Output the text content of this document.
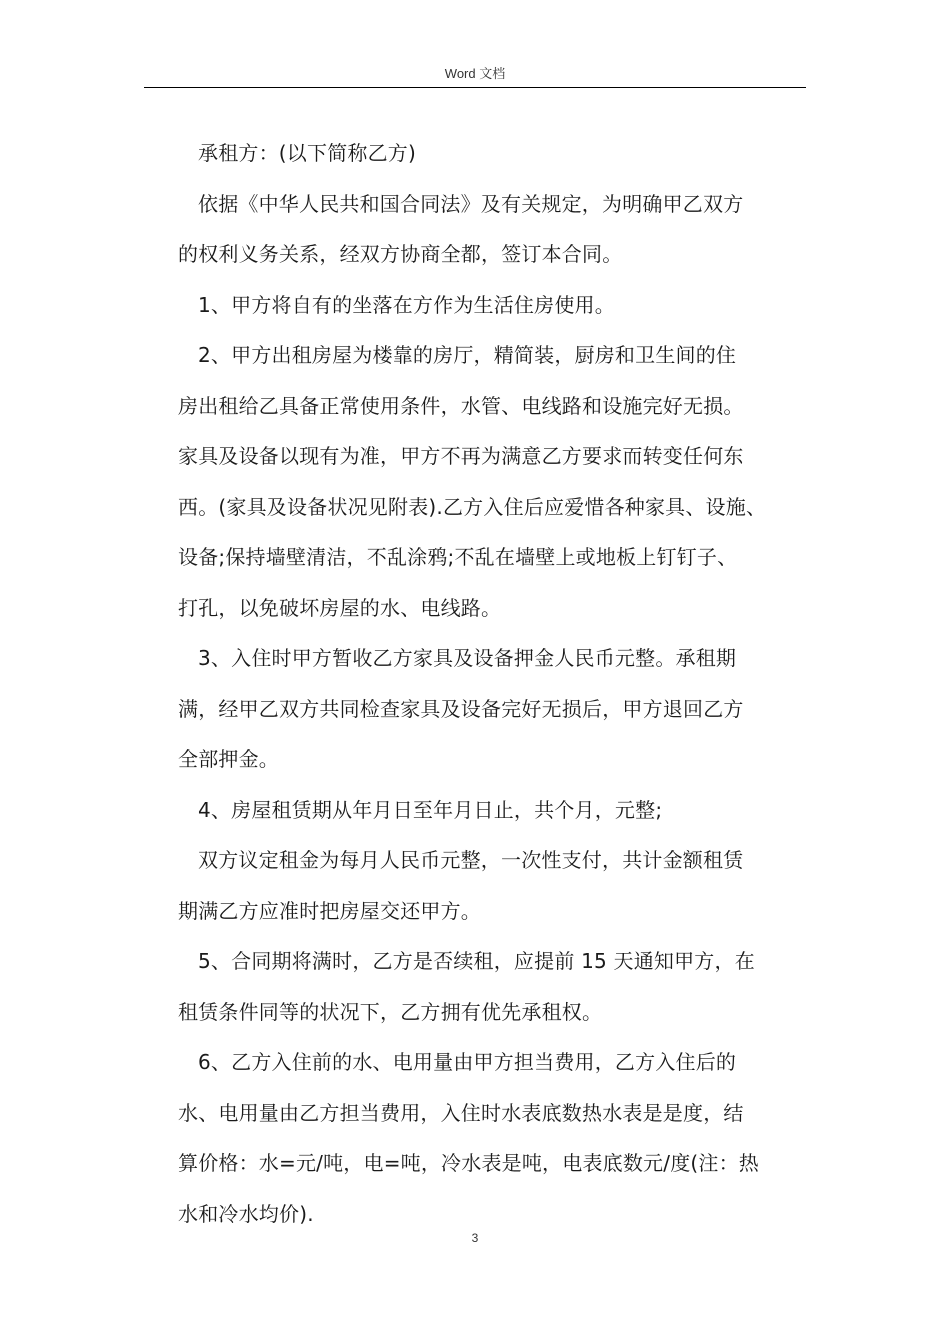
Word 文档

承租方：(以下简称乙方)

依据《中华人民共和国合同法》及有关规定，为明确甲乙双方
的权利义务关系，经双方协商全都，签订本合同。

1、甲方将自有的坐落在方作为生活住房使用。

2、甲方出租房屋为楼靠的房厅，精简装，厨房和卫生间的住
房出租给乙具备正常使用条件，水管、电线路和设施完好无损。
家具及设备以现有为准，甲方不再为满意乙方要求而转变任何东
西。(家具及设备状况见附表).乙方入住后应爱惜各种家具、设施、
设备;保持墙壁清洁，不乱涂鸦;不乱在墙壁上或地板上钉钉子、
打孔，以免破坏房屋的水、电线路。

3、入住时甲方暂收乙方家具及设备押金人民币元整。承租期
满，经甲乙双方共同检查家具及设备完好无损后，甲方退回乙方
全部押金。

4、房屋租赁期从年月日至年月日止，共个月，元整;

双方议定租金为每月人民币元整，一次性支付，共计金额租赁
期满乙方应准时把房屋交还甲方。

5、合同期将满时，乙方是否续租，应提前 15 天通知甲方，在
租赁条件同等的状况下，乙方拥有优先承租权。

6、乙方入住前的水、电用量由甲方担当费用，乙方入住后的
水、电用量由乙方担当费用，入住时水表底数热水表是是度，结
算价格：水=元/吨，电=吨，冷水表是吨，电表底数元/度(注：热
水和冷水均价).

3
